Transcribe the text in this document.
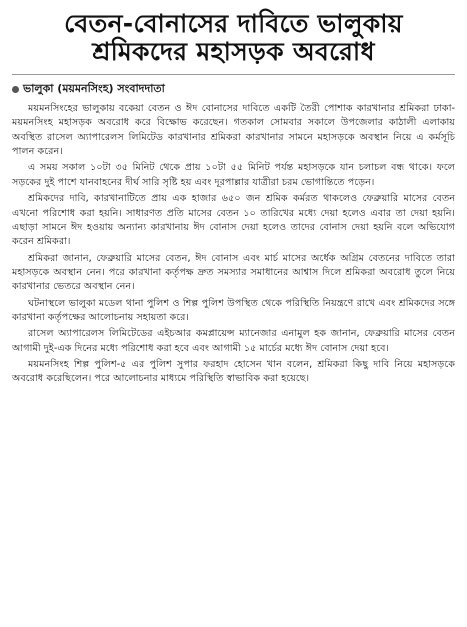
বেতন-বোনাসের দাবিতে ভালুকায়
শ্রমিকদের মহাসড়ক অবরোধ
ভালুকা (ময়মনসিংহ) সংবাদদাতা

ময়মনসিংহের ভালুকায় বকেয়া বেতন ও ঈদ বোনাসের দাবিতে একটি তৈরী পোশাক কারখানার শ্রমিকরা ঢাকা-ময়মনসিংহ মহাসড়ক অবরোধ করে বিক্ষোভ করেছেন। গতকাল সোমবার সকালে উপজেলার কাঠালী এলাকায় অবস্থিত রাসেল অ্যাপারেলস লিমিটেড কারখানার শ্রমিকরা কারখানার সামনে মহাসড়কে অবস্থান নিয়ে এ কর্মসূচি পালন করেন।

এ সময় সকাল ১০টা ৩৫ মিনিট থেকে প্রায় ১০টা ৫৫ মিনিট পর্যন্ত মহাসড়কে যান চলাচল বন্ধ থাকে। ফলে সড়কের দুই পাশে যানবাহনের দীর্ঘ সারি সৃষ্টি হয় এবং দূরপাল্লার যাত্রীরা চরম ভোগান্তিতে পড়েন।

শ্রমিকদের দাবি, কারখানাটিতে প্রায় এক হাজার ৬৫০ জন শ্রমিক কর্মরত থাকলেও ফেব্রুয়ারি মাসের বেতন এখনো পরিশোধ করা হয়নি। সাধারণত প্রতি মাসের বেতন ১০ তারিখের মধ্যে দেয়া হলেও এবার তা দেয়া হয়নি। এছাড়া সামনে ঈদ হওয়ায় অন্যান্য কারখানায় ঈদ বোনাস দেয়া হলেও তাদের বোনাস দেয়া হয়নি বলে অভিযোগ করেন শ্রমিকরা।

শ্রমিকরা জানান, ফেব্রুয়ারি মাসের বেতন, ঈদ বোনাস এবং মার্চ মাসের অর্ধেক অগ্রিম বেতনের দাবিতে তারা মহাসড়কে অবস্থান নেন। পরে কারখানা কর্তৃপক্ষ দ্রুত সমস্যার সমাধানের আশ্বাস দিলে শ্রমিকরা অবরোধ তুলে নিয়ে কারখানার ভেতরে অবস্থান নেন।

ঘটনাস্থলে ভালুকা মডেল থানা পুলিশ ও শিল্প পুলিশ উপস্থিত থেকে পরিস্থিতি নিয়ন্ত্রণে রাখে এবং শ্রমিকদের সঙ্গে কারখানা কর্তৃপক্ষের আলোচনায় সহায়তা করে।

রাসেল অ্যাপারেলস লিমিটেডের এইচআর কমপ্লায়েন্স ম্যানেজার এনামুল হক জানান, ফেব্রুয়ারি মাসের বেতন আগামী দুই-এক দিনের মধ্যে পরিশোধ করা হবে এবং আগামী ১৫ মার্চের মধ্যে ঈদ বোনাস দেয়া হবে।

ময়মনসিংহ শিল্প পুলিশ-৫ এর পুলিশ সুপার ফরহাদ হোসেন খান বলেন, শ্রমিকরা কিছু দাবি নিয়ে মহাসড়কে অবরোধ করেছিলেন। পরে আলোচনার মাধ্যমে পরিস্থিতি স্বাভাবিক করা হয়েছে।
